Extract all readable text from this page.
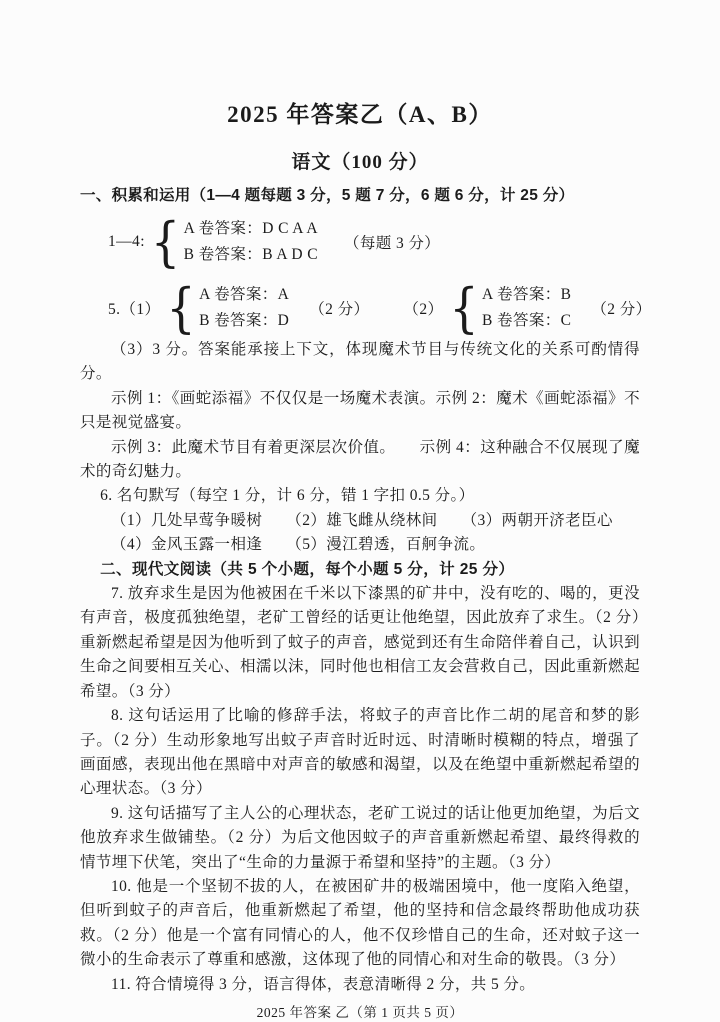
2025 年答案乙（A、B）
语文（100 分）
一、积累和运用（1—4 题每题 3 分，5 题 7 分，6 题 6 分，计 25 分）
1—4: { A 卷答案：D C A A
B 卷答案：B A D C
（每题 3 分）
5.（1） { A 卷答案：A
B 卷答案：D
（2 分） （2） { A 卷答案：B
B 卷答案：C
（2 分）

（3）3 分。答案能承接上下文，体现魔术节目与传统文化的关系可酌情得分。

示例 1：《画蛇添福》不仅仅是一场魔术表演。示例 2：魔术《画蛇添福》不只是视觉盛宴。

示例 3：此魔术节目有着更深层次价值。　　示例 4：这种融合不仅展现了魔术的奇幻魅力。

6. 名句默写（每空 1 分，计 6 分，错 1 字扣 0.5 分。）

（1）几处早莺争暖树　　（2）雄飞雌从绕林间　　（3）两朝开济老臣心

（4）金风玉露一相逢　　（5）漫江碧透，百舸争流。

二、现代文阅读（共 5 个小题，每个小题 5 分，计 25 分）

7. 放弃求生是因为他被困在千米以下漆黑的矿井中，没有吃的、喝的，更没有声音，极度孤独绝望，老矿工曾经的话更让他绝望，因此放弃了求生。（2 分）重新燃起希望是因为他听到了蚊子的声音，感觉到还有生命陪伴着自己，认识到生命之间要相互关心、相濡以沫，同时他也相信工友会营救自己，因此重新燃起希望。（3 分）

8. 这句话运用了比喻的修辞手法，将蚊子的声音比作二胡的尾音和梦的影子。（2 分）生动形象地写出蚊子声音时近时远、时清晰时模糊的特点，增强了画面感，表现出他在黑暗中对声音的敏感和渴望，以及在绝望中重新燃起希望的心理状态。（3 分）

9. 这句话描写了主人公的心理状态，老矿工说过的话让他更加绝望，为后文他放弃求生做铺垫。（2 分）为后文他因蚊子的声音重新燃起希望、最终得救的情节埋下伏笔，突出了“生命的力量源于希望和坚持”的主题。（3 分）

10. 他是一个坚韧不拔的人，在被困矿井的极端困境中，他一度陷入绝望，但听到蚊子的声音后，他重新燃起了希望，他的坚持和信念最终帮助他成功获救。（2 分）他是一个富有同情心的人，他不仅珍惜自己的生命，还对蚊子这一微小的生命表示了尊重和感激，这体现了他的同情心和对生命的敬畏。（3 分）

11. 符合情境得 3 分，语言得体，表意清晰得 2 分，共 5 分。

2025 年答案 乙（第 1 页共 5 页）
